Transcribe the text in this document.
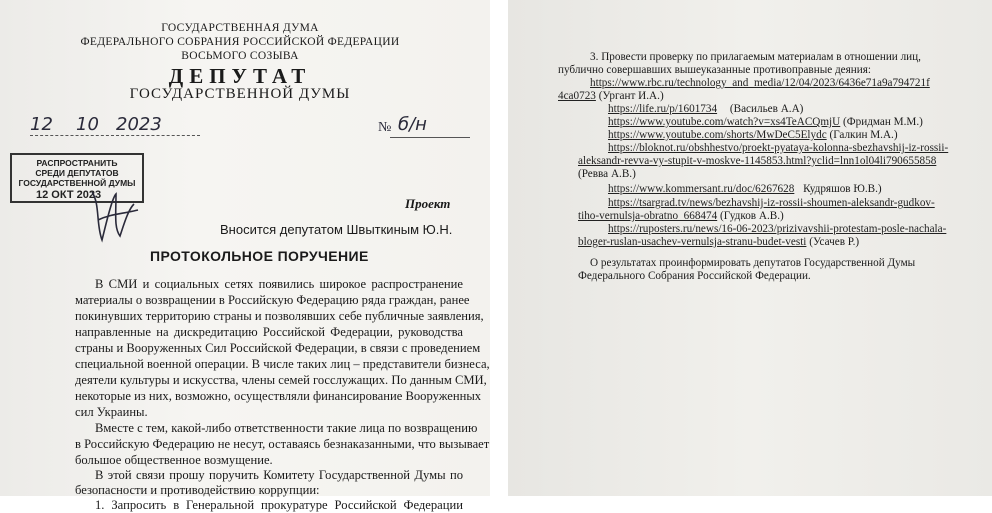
ГОСУДАРСТВЕННАЯ ДУМА
ФЕДЕРАЛЬНОГО СОБРАНИЯ РОССИЙСКОЙ ФЕДЕРАЦИИ
ВОСЬМОГО СОЗЫВА
ДЕПУТАТ
ГОСУДАРСТВЕННОЙ ДУМЫ
12 10 2023	№ б/н
РАСПРОСТРАНИТЬ
СРЕДИ ДЕПУТАТОВ
ГОСУДАРСТВЕННОЙ ДУМЫ
12 ОКТ 2023
Проект
Вносится депутатом Швыткиным Ю.Н.
ПРОТОКОЛЬНОЕ ПОРУЧЕНИЕ
В СМИ и социальных сетях появились широкое распространение
материалы о возвращении в Российскую Федерацию ряда граждан, ранее
покинувших территорию страны и позволявших себе публичные заявления,
направленные на дискредитацию Российской Федерации, руководства
страны и Вооруженных Сил Российской Федерации, в связи с проведением
специальной военной операции. В числе таких лиц – представители бизнеса,
деятели культуры и искусства, члены семей госслужащих. По данным СМИ,
некоторые из них, возможно, осуществляли финансирование Вооруженных
сил Украины.
Вместе с тем, какой-либо ответственности такие лица по возвращению
в Российскую Федерацию не несут, оставаясь безнаказанными, что вызывает
большое общественное возмущение.
В этой связи прошу поручить Комитету Государственной Думы по
безопасности и противодействию коррупции:
1. Запросить в Генеральной прокуратуре Российской Федерации
3. Провести проверку по прилагаемым материалам в отношении лиц,
публично совершавших вышеуказанные противоправные деяния:
https://www.rbc.ru/technology_and_media/12/04/2023/6436e71a9a794721f
4ca0723 (Ургант И.А.)
https://life.ru/p/1601734 (Васильев А.А)
https://www.youtube.com/watch?v=xs4TeACQmjU (Фридман М.М.)
https://www.youtube.com/shorts/MwDeC5Elydc (Галкин М.А.)
https://bloknot.ru/obshhestvo/proekt-pyataya-kolonna-sbezhavshij-iz-rossii-
aleksandr-revva-vy-stupit-v-moskve-1145853.html?yclid=lnn1ol04li790655858
(Ревва А.В.)
https://www.kommersant.ru/doc/6267628 Кудряшов Ю.В.)
https://tsargrad.tv/news/bezhavshij-iz-rossii-shoumen-aleksandr-gudkov-
tiho-vernulsja-obratno_668474 (Гудков А.В.)
https://ruposters.ru/news/16-06-2023/prizivavshii-protestam-posle-nachala-
bloger-ruslan-usachev-vernulsja-stranu-budet-vesti (Усачев Р.)
О результатах проинформировать депутатов Государственной Думы
Федерального Собрания Российской Федерации.
